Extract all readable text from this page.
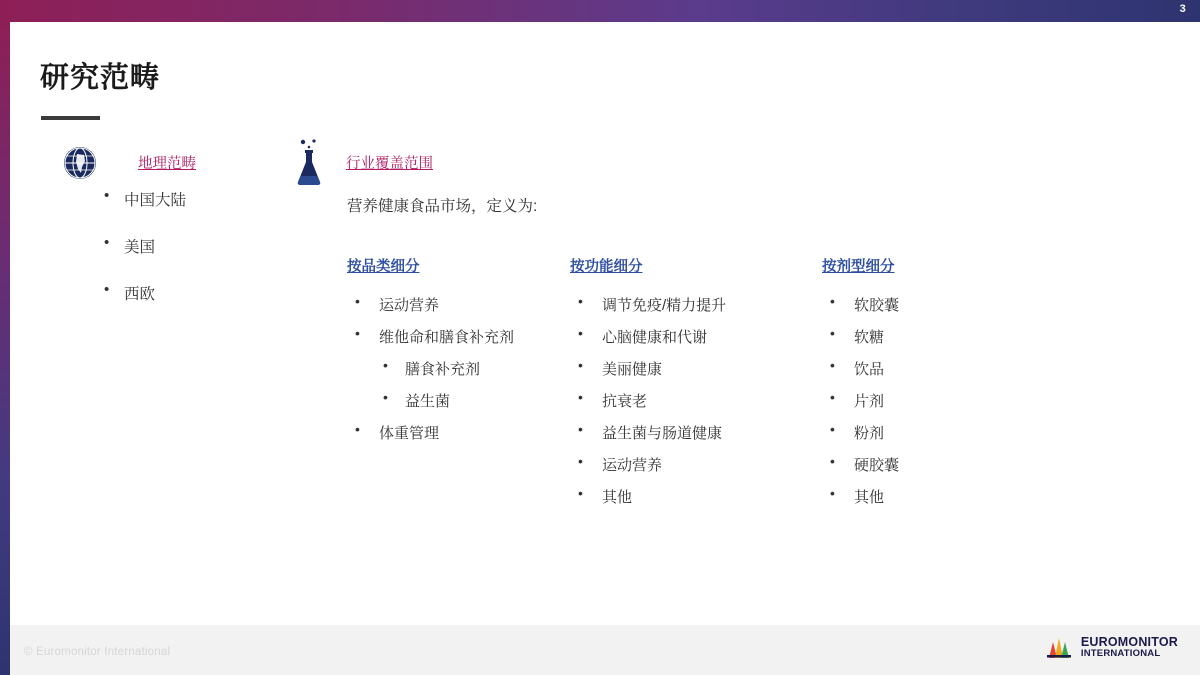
3
研究范畴
地理范畴
• 中国大陆
• 美国
• 西欧
行业覆盖范围
营养健康食品市场，定义为:
按品类细分
• 运动营养
• 维他命和膳食补充剂
• 膳食补充剂
• 益生菌
• 体重管理
按功能细分
• 调节免疫/精力提升
• 心脑健康和代谢
• 美丽健康
• 抗衰老
• 益生菌与肠道健康
• 运动营养
• 其他
按剂型细分
• 软胶囊
• 软糖
• 饮品
• 片剂
• 粉剂
• 硬胶囊
• 其他
© Euromonitor International
EUROMONITOR
INTERNATIONAL
